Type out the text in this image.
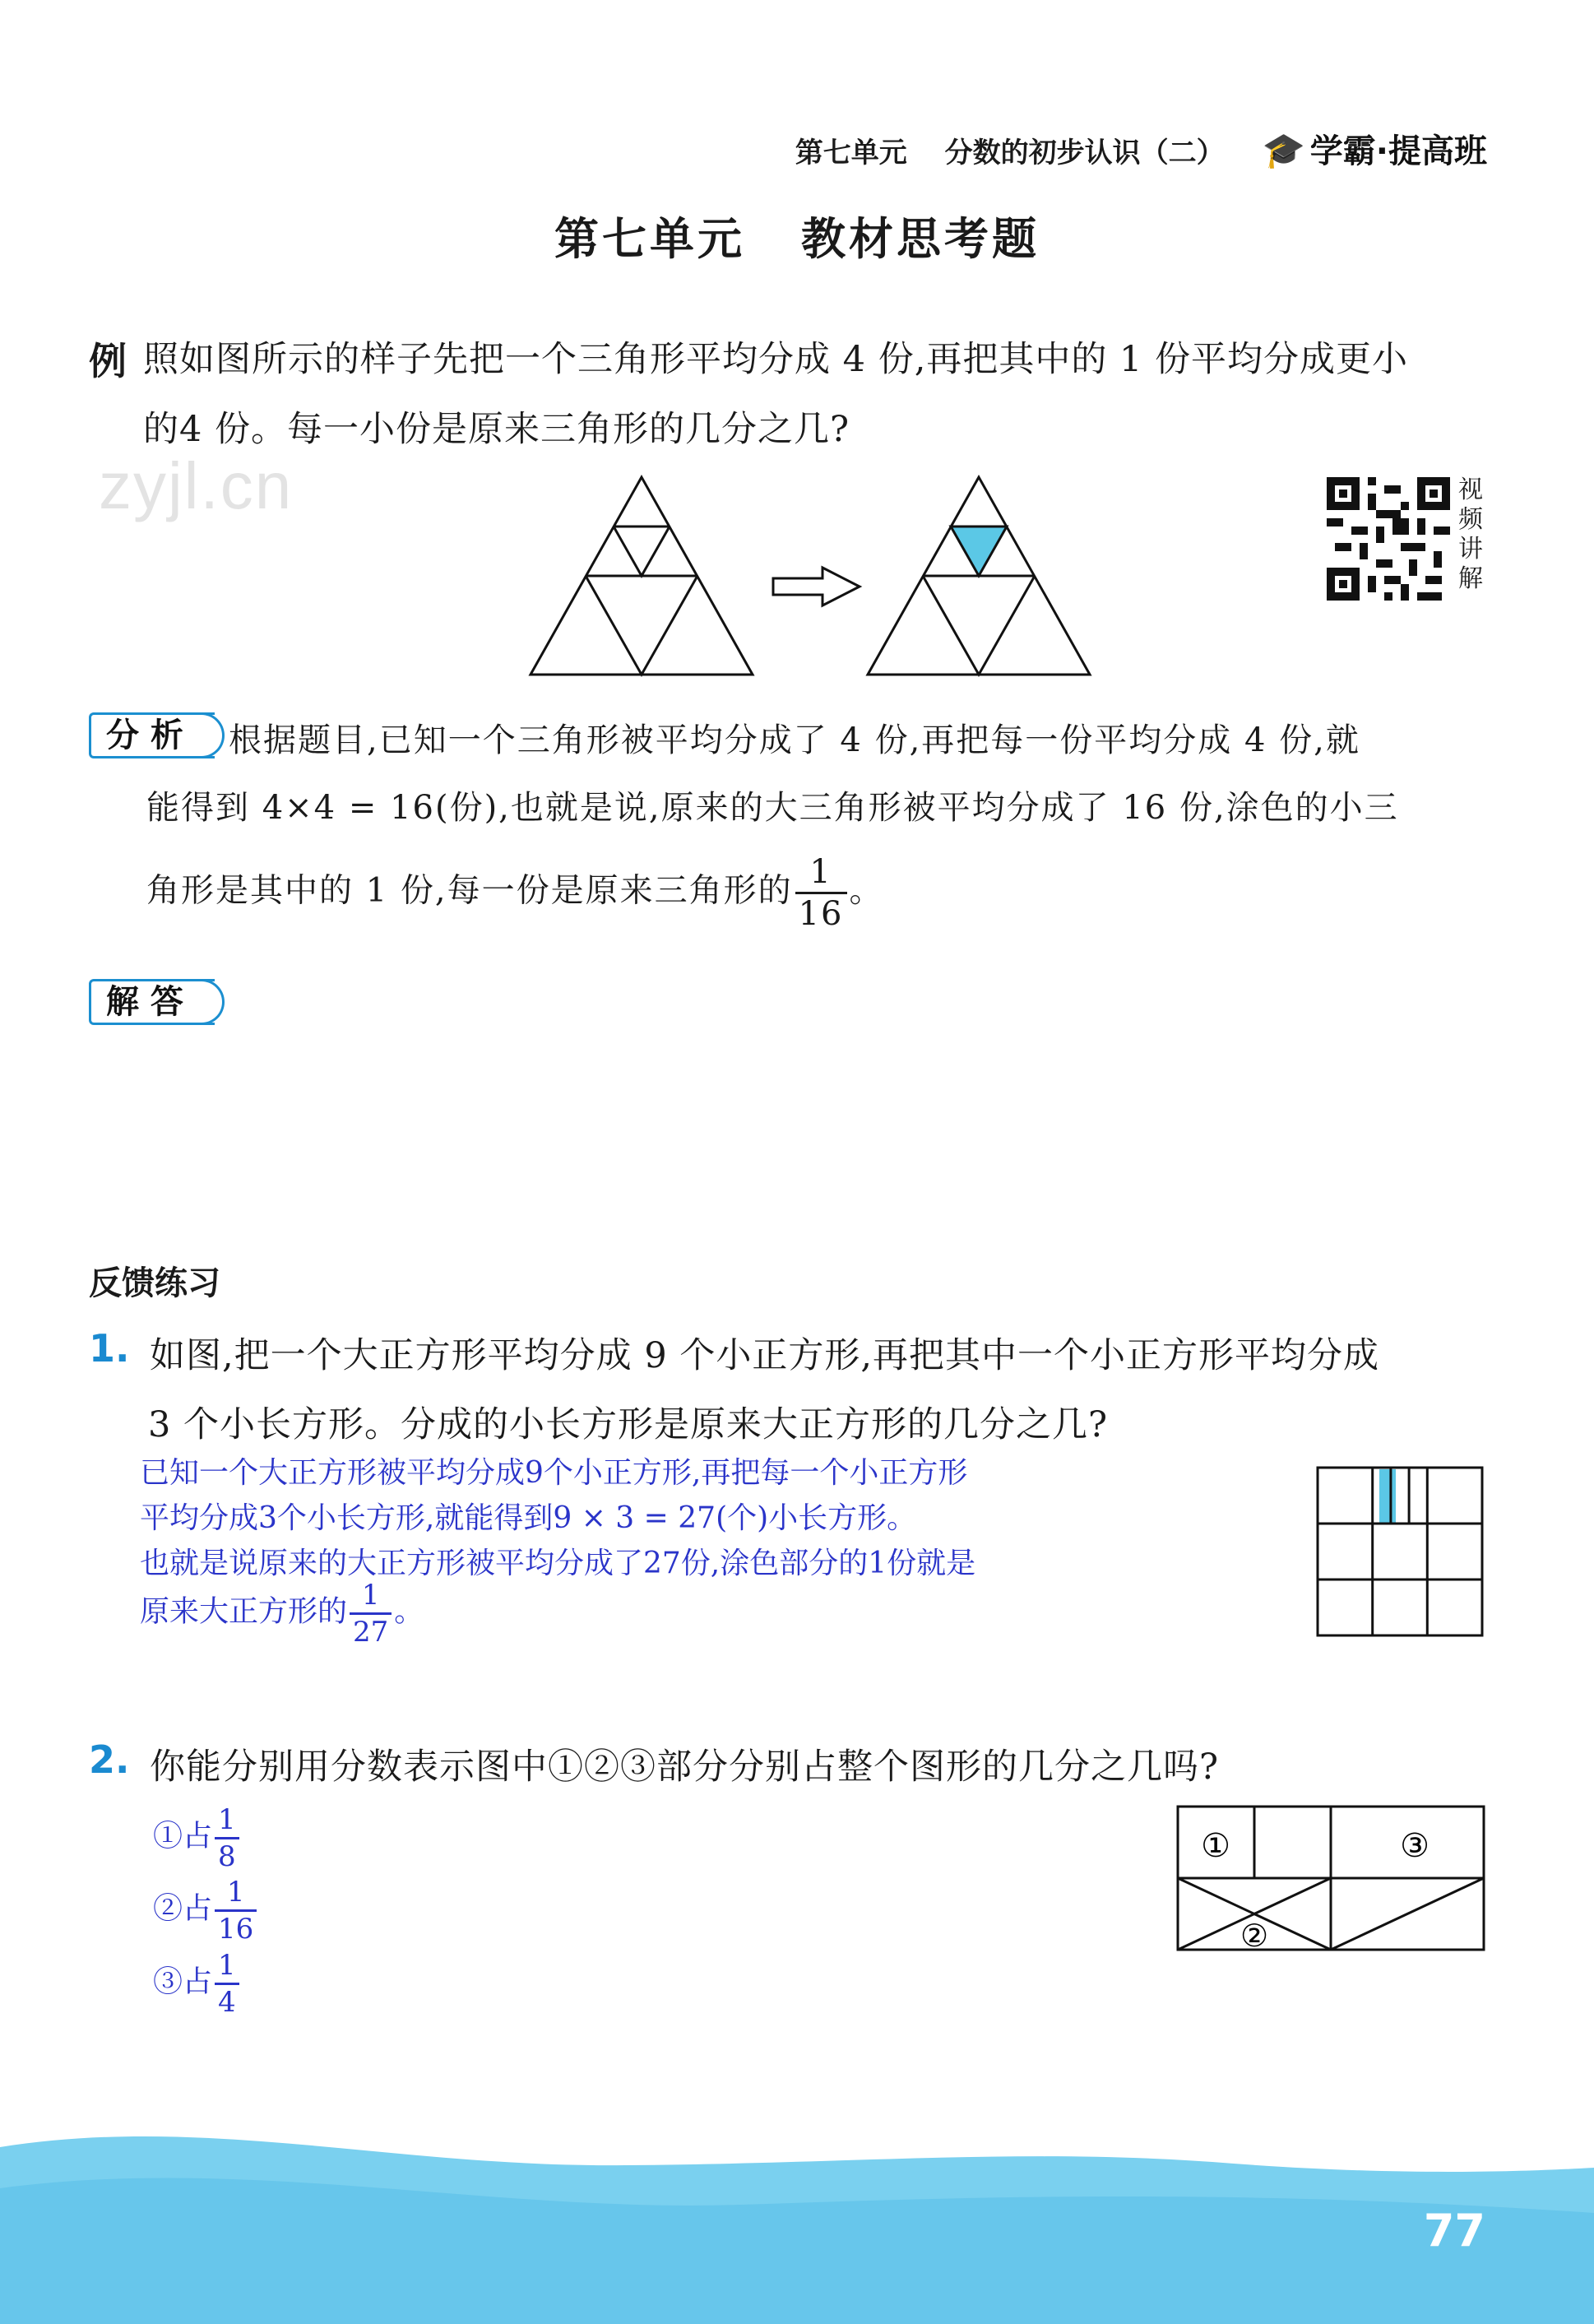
第七单元 分数的初步认识（二） 🎓 学霸·提高班
第七单元 教材思考题
zyjl.cn
例 照如图所示的样子先把一个三角形平均分成 4 份,再把其中的 1 份平均分成更小
的4 份。每一小份是原来三角形的几分之几?
视
频
讲
解
分 析	根据题目,已知一个三角形被平均分成了 4 份,再把每一份平均分成 4 份,就
能得到 4×4 = 16(份),也就是说,原来的大三角形被平均分成了 16 份,涂色的小三
角形是其中的 1 份,每一份是原来三角形的 $\frac{1}{16}$ 。
解 答
反馈练习
1. 如图,把一个大正方形平均分成 9 个小正方形,再把其中一个小正方形平均分成
3 个小长方形。分成的小长方形是原来大正方形的几分之几?
已知一个大正方形被平均分成9个小正方形,再把每一个小正方形
平均分成3个小长方形,就能得到9 × 3 = 27(个)小长方形。
也就是说原来的大正方形被平均分成了27份,涂色部分的1份就是
原来大正方形的 $\frac{1}{27}$ 。
2. 你能分别用分数表示图中①②③部分分别占整个图形的几分之几吗?
①占 $\frac{1}{8}$
②占 $\frac{1}{16}$
③占 $\frac{1}{4}$
①
②
③
77
